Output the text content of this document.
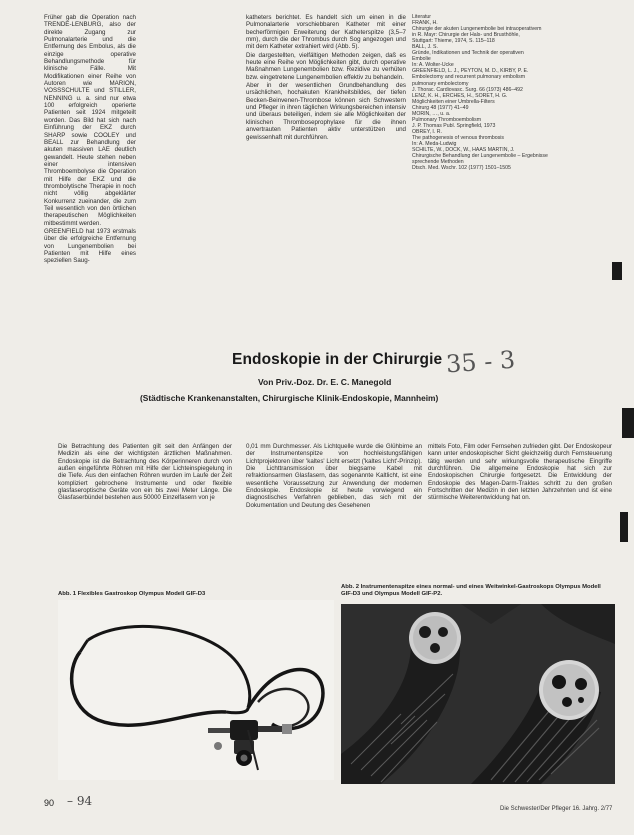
Früher gab die Operation nach TRENDE-LENBURG, also der direkte Zugang zur Pulmonalarterie und die Entfernung des Embolus, als die einzige operative Behandlungsmethode für klinische Fälle. Mit Modifikationen einer Reihe von Autoren wie MARION, VOSSSCHULTE und STILLER, NENNING u. a. sind nur etwa 100 erfolgreich operierte Patienten seit 1924 mitgeteilt worden. Das Bild hat sich nach Einführung der EKZ durch SHARP sowie COOLEY und BEALL zur Behandlung der akuten massiven LAE deutlich gewandelt. Heute stehen neben einer intensiven Thromboembolyse die Operation mit Hilfe der EKZ und die thrombolytische Therapie in noch nicht völlig abgeklärter Konkurrenz zueinander, die zum Teil wesentlich von den örtlichen therapeutischen Möglichkeiten mitbestimmt werden.

GREENFIELD hat 1973 erstmals über die erfolgreiche Entfernung von Lungenembolien bei Patienten mit Hilfe eines speziellen Saug-

katheters berichtet. Es handelt sich um einen in die Pulmonalarterie vorschiebbaren Katheter mit einer becherförmigen Erweiterung der Katheterspitze (3,5–7 mm), durch die der Thrombus durch Sog angezogen und mit dem Katheter extrahiert wird (Abb. 5).

Die dargestellten, vielfältigen Methoden zeigen, daß es heute eine Reihe von Möglichkeiten gibt, durch operative Maßnahmen Lungenembolien bzw. Rezidive zu verhüten bzw. eingetretene Lungenembolien effektiv zu behandeln.

Aber in der wesentlichen Grundbehandlung des ursächlichen, hochakuten Krankheitsbildes, der tiefen Becken-Beinvenen-Thrombose können sich Schwestern und Pfleger in ihren täglichen Wirkungsbereichen intensiv und überaus beteiligen, indem sie alle Möglichkeiten der klinischen Thromboseprophylaxe für die ihnen anvertrauten Patienten aktiv unterstützen und gewissenhaft mit durchführen.

Literatur
FRANK, H.
Chirurgie der akuten Lungenembolie bei intraoperativem
in R. Mayr: Chirurgie der Hals- und Brusthöhle,
Stuttgart: Thieme, 1974, S. 115–118
BALL, J. S.
Gründe, Indikationen und Technik der operativen
Embolie
In: A. Wolter-Ucke
GREENFIELD, L. J., PEYTON, M. D., KIRBY, P. E.
Embolectomy and recurrent pulmonary embolism
pulmonary embolectomy
J. Thorac. Cardiovasc. Surg. 66 (1973) 486–492
LENZ, K. H., ERCHES, H., SORET, H. G.
Möglichkeiten einer Umbrella-Filters
Chirurg 48 (1977) 41–49
MORIN, …, u. a.
Pulmonary Thromboembolism
J. P. Thomas Publ. Springfield, 1973
OBREY, I. R.
The pathogenesis of venous thrombosis
In: A. Meda-Ludwig
SCHILTE, W., DOCK, W., HAAS MARTIN, J.
Chirurgische Behandlung der Lungenembolie – Ergebnisse
sprechende Methoden
Dtsch. Med. Wschr. 102 (1977) 1501–1505
Endoskopie in der Chirurgie 35 - 3
Von Priv.-Doz. Dr. E. C. Manegold
(Städtische Krankenanstalten, Chirurgische Klinik-Endoskopie, Mannheim)

Die Betrachtung des Patienten gilt seit den Anfängen der Medizin als eine der wichtigsten ärztlichen Maßnahmen. Endoskopie ist die Betrachtung des Körperinneren durch von außen eingeführte Röhren mit Hilfe der Lichteinspiegelung in die Tiefe. Aus den einfachen Röhren wurden im Laufe der Zeit kompliziert gebrochene Instrumente und oder flexible glasfaseroptische Geräte von ein bis zwei Meter Länge. Die Glasfaserbündel bestehen aus 50000 Einzelfasern von je

0,01 mm Durchmesser. Als Lichtquelle wurde die Glühbirne an der Instrumentenspitze von hochleistungsfähigen Lichtprojektoren über 'kaltes' Licht ersetzt ('kaltes Licht'-Prinzip). Die Lichttransmission über biegsame Kabel mit refraktionsarmen Glasfasern, das sogenannte Kaltlicht, ist eine wesentliche Voraussetzung zur Anwendung der modernen Endoskopie. Endoskopie ist heute vorwiegend ein diagnostisches Verfahren geblieben, das sich mit der Dokumentation und Deutung des Gesehenen

mittels Foto, Film oder Fernsehen zufrieden gibt. Der Endoskopeur kann unter endoskopischer Sicht gleichzeitig durch Fernsteuerung tätig werden und sehr wirkungsvolle therapeutische Eingriffe durchführen. Die allgemeine Endoskopie hat sich zur Endoskopischen Chirurgie fortgesetzt. Die Entwicklung der Endoskopie des Magen-Darm-Traktes schritt zu den großen Fortschritten der Medizin in den letzten Jahrzehnten und ist eine stürmische Weiterentwicklung hat on.

Abb. 1 Flexibles Gastroskop Olympus Modell GIF-D3
Abb. 2 Instrumentenspitze eines normal- und eines Weitwinkel-Gastroskops Olympus Modell GIF-D3 und Olympus Modell GIF-P2.
90 – 94
Die Schwester/Der Pfleger 16. Jahrg. 2/77
